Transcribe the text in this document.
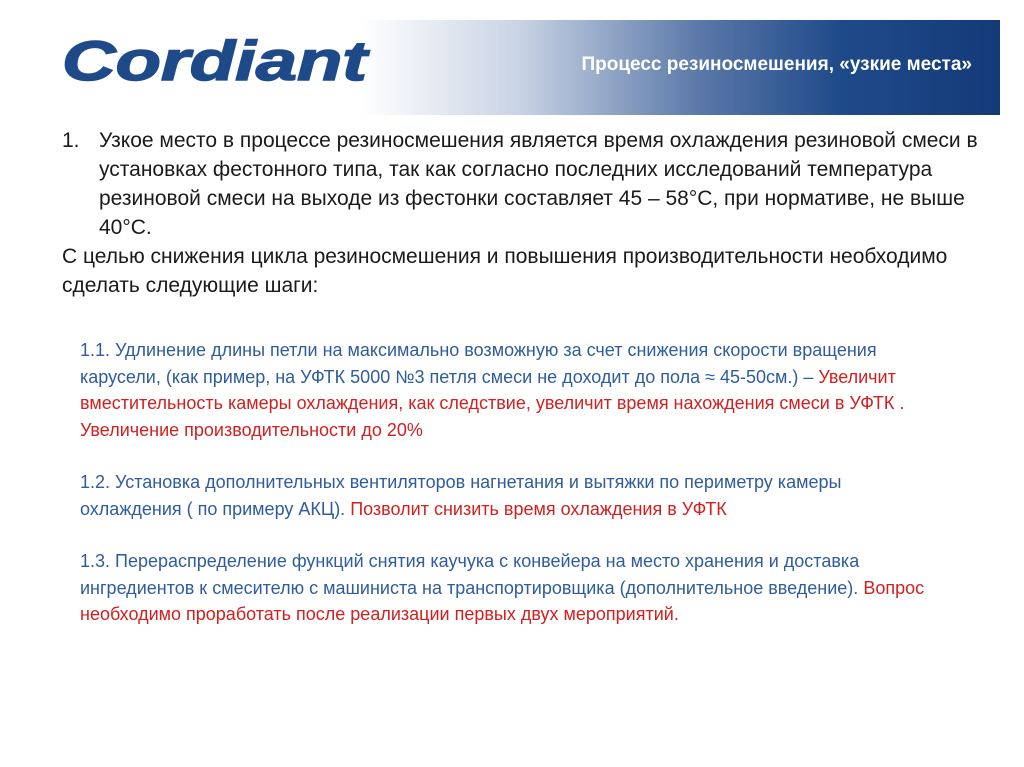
Cordiant	Процесс резиносмешения, «узкие места»
1. Узкое место в процессе резиносмешения является время охлаждения резиновой смеси в установках фестонного типа, так как согласно последних исследований температура резиновой смеси на выходе из фестонки составляет 45 – 58°С, при нормативе, не выше 40°С.

С целью снижения цикла резиносмешения и повышения производительности необходимо сделать следующие шаги:

1.1. Удлинение длины петли на максимально возможную за счет снижения скорости вращения карусели, (как пример, на УФТК 5000 №3 петля смеси не доходит до пола ≈ 45-50см.) – Увеличит вместительность камеры охлаждения, как следствие, увеличит время нахождения смеси в УФТК . Увеличение производительности до 20%

1.2. Установка дополнительных вентиляторов нагнетания и вытяжки по периметру камеры охлаждения ( по примеру АКЦ). Позволит снизить время охлаждения в УФТК

1.3. Перераспределение функций снятия каучука с конвейера на место хранения и доставка ингредиентов к смесителю с машиниста на транспортировщика (дополнительное введение). Вопрос необходимо проработать после реализации первых двух мероприятий.
